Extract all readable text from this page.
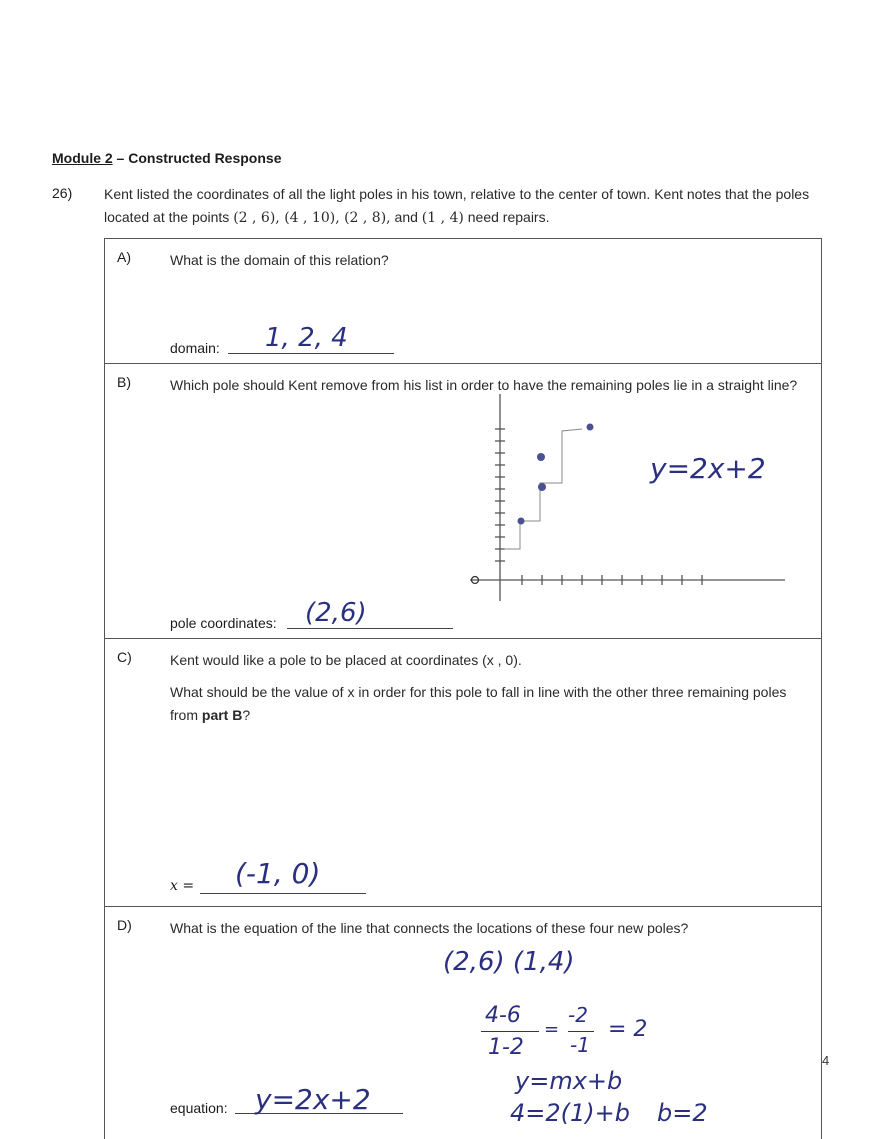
Module 2 – Constructed Response
26) Kent listed the coordinates of all the light poles in his town, relative to the center of town. Kent notes that the poles located at the points (2 , 6), (4 , 10), (2 , 8), and (1 , 4) need repairs.
A)	What is the domain of this relation?
domain: 1, 2, 4
B)	Which pole should Kent remove from his list in order to have the remaining poles lie in a straight line?
pole coordinates: (2,6)
y=2x+2
C)	Kent would like a pole to be placed at coordinates (x , 0).
What should be the value of x in order for this pole to fall in line with the other three remaining poles from part B?
x = (-1, 0)
D)	What is the equation of the line that connects the locations of these four new poles?
equation: y=2x+2
(2,6) (1,4)
4-6
1-2
=
-2
-1
= 2
y=mx+b
4=2(1)+b b=2
4
